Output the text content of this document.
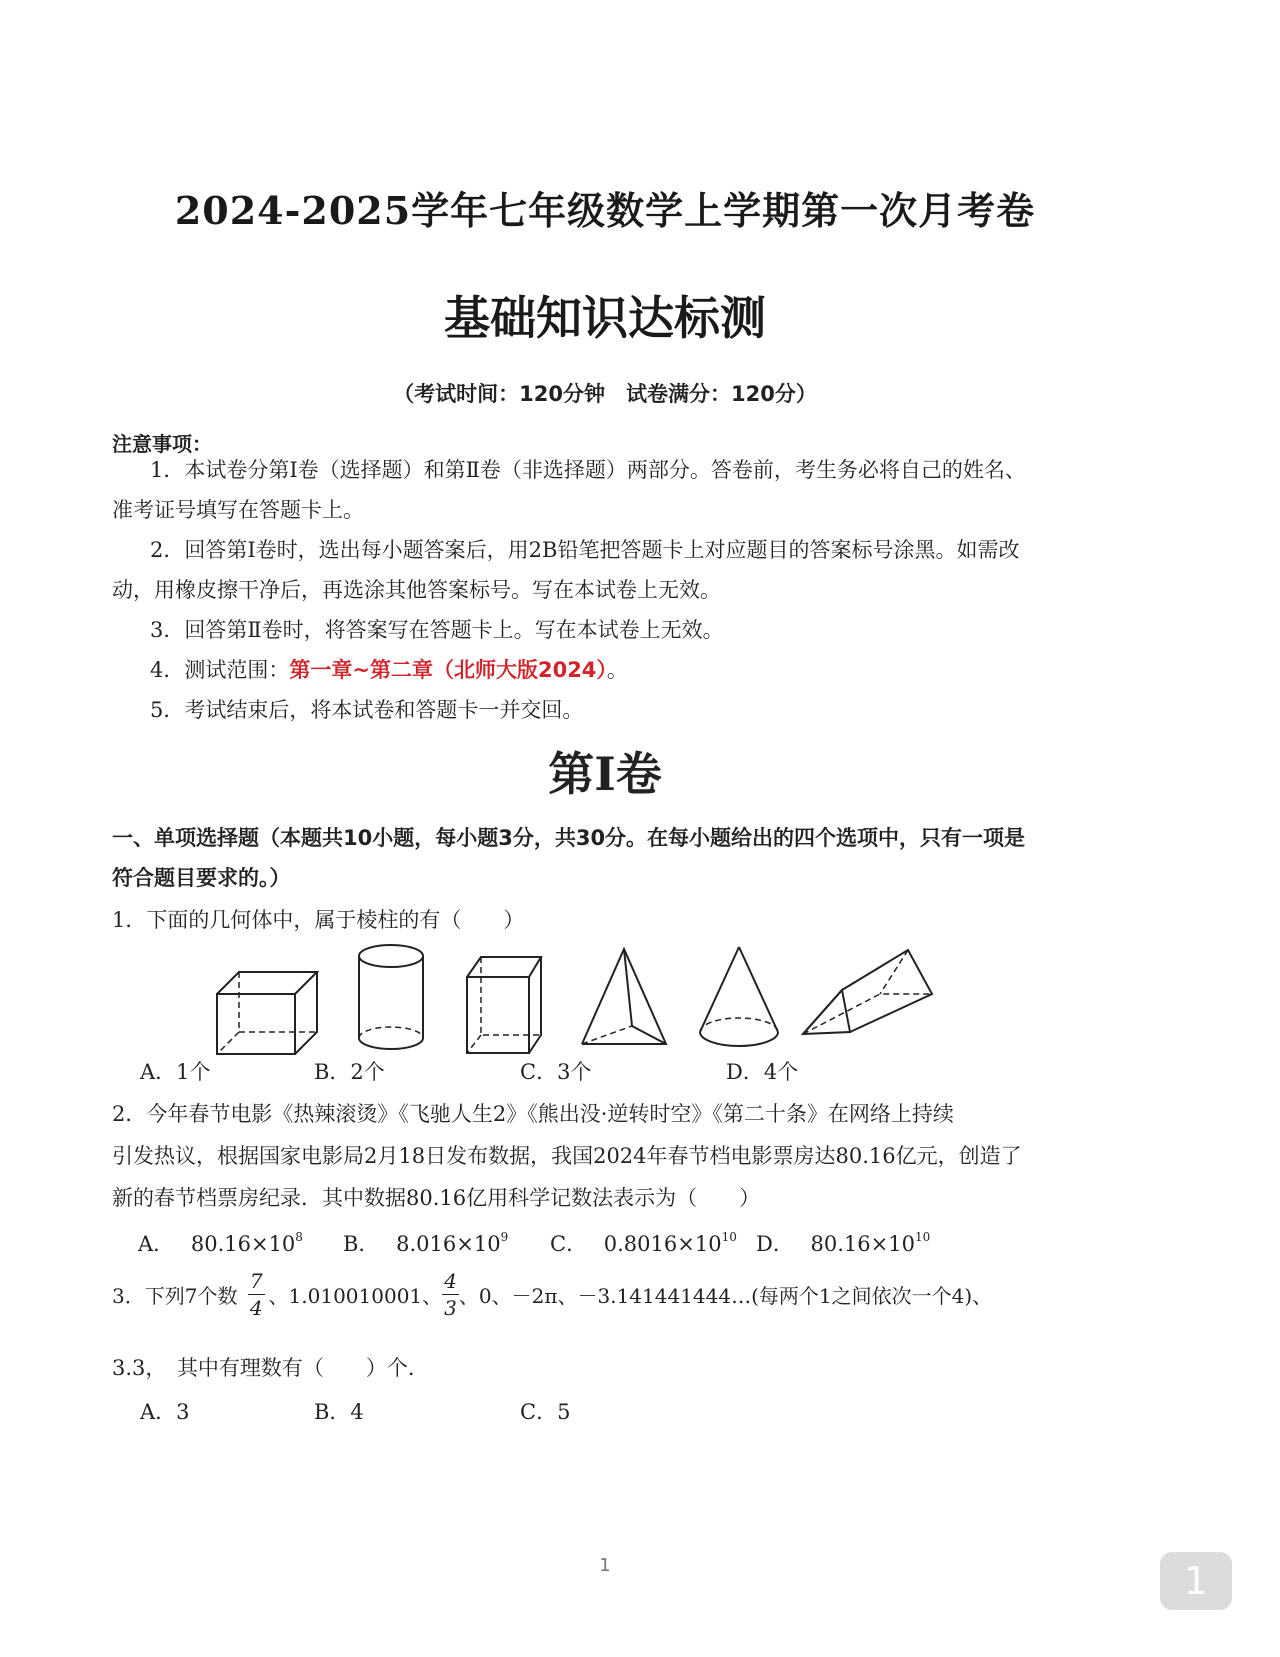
2024-2025学年七年级数学上学期第一次月考卷
基础知识达标测
（考试时间：120分钟　试卷满分：120分）
注意事项：
1．本试卷分第Ⅰ卷（选择题）和第Ⅱ卷（非选择题）两部分。答卷前，考生务必将自己的姓名、
准考证号填写在答题卡上。
2．回答第Ⅰ卷时，选出每小题答案后，用2B铅笔把答题卡上对应题目的答案标号涂黑。如需改
动，用橡皮擦干净后，再选涂其他答案标号。写在本试卷上无效。
3．回答第Ⅱ卷时，将答案写在答题卡上。写在本试卷上无效。
4．测试范围：第一章~第二章（北师大版2024）。
5．考试结束后，将本试卷和答题卡一并交回。
第Ⅰ卷
一、单项选择题（本题共10小题，每小题3分，共30分。在每小题给出的四个选项中，只有一项是
符合题目要求的。）
1．下面的几何体中，属于棱柱的有（　　）
A．1个	B．2个	C．3个	D．4个
2．今年春节电影《热辣滚烫》《飞驰人生2》《熊出没·逆转时空》《第二十条》在网络上持续
引发热议，根据国家电影局2月18日发布数据，我国2024年春节档电影票房达80.16亿元，创造了
新的春节档票房纪录．其中数据80.16亿用科学记数法表示为（　　）
A． $80.16\times 10^8$ B． $8.016\times 10^9$ C． $0.8016\times 10^{10}$ D． $80.16\times 10^{10}$
3．下列7个数 $\frac{7}{4}$ 、1.010010001、 $\frac{4}{3}$ 、0、－2π、－3.141441444…(每两个1之间依次一个4)、
3.3，　其中有理数有（　　）个.
A．3	B．4	C．5
1	1
